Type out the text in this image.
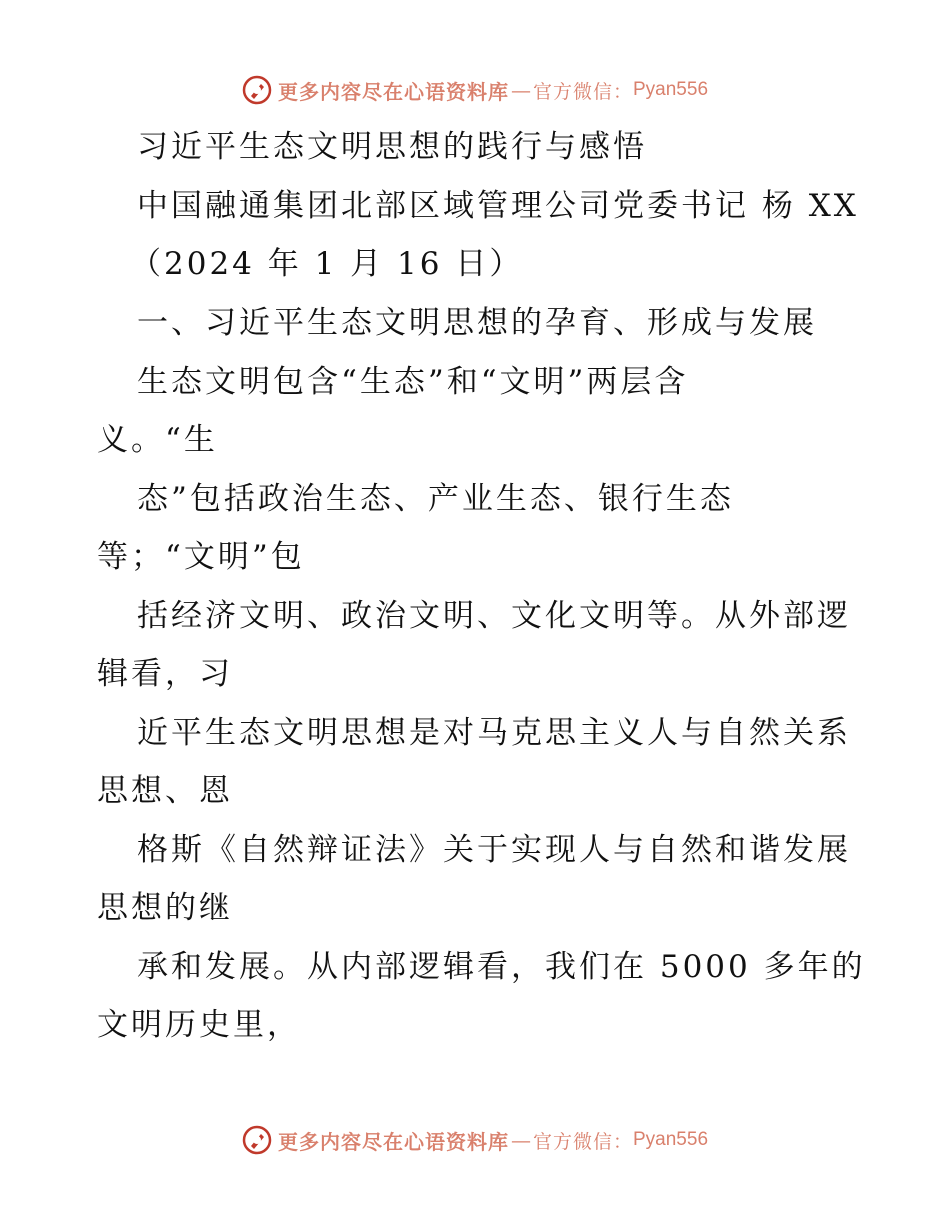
更多内容尽在心语资料库 — 官方微信： Pyan556
习近平生态文明思想的践行与感悟
中国融通集团北部区域管理公司党委书记 杨 XX
（2024 年 1 月 16 日）
一、习近平生态文明思想的孕育、形成与发展
生态文明包含“生态”和“文明”两层含
义。“生
态”包括政治生态、产业生态、银行生态
等；“文明”包
括经济文明、政治文明、文化文明等。从外部逻
辑看，习
近平生态文明思想是对马克思主义人与自然关系
思想、恩
格斯《自然辩证法》关于实现人与自然和谐发展
思想的继
承和发展。从内部逻辑看，我们在 5000 多年的
文明历史里，
更多内容尽在心语资料库 — 官方微信： Pyan556
